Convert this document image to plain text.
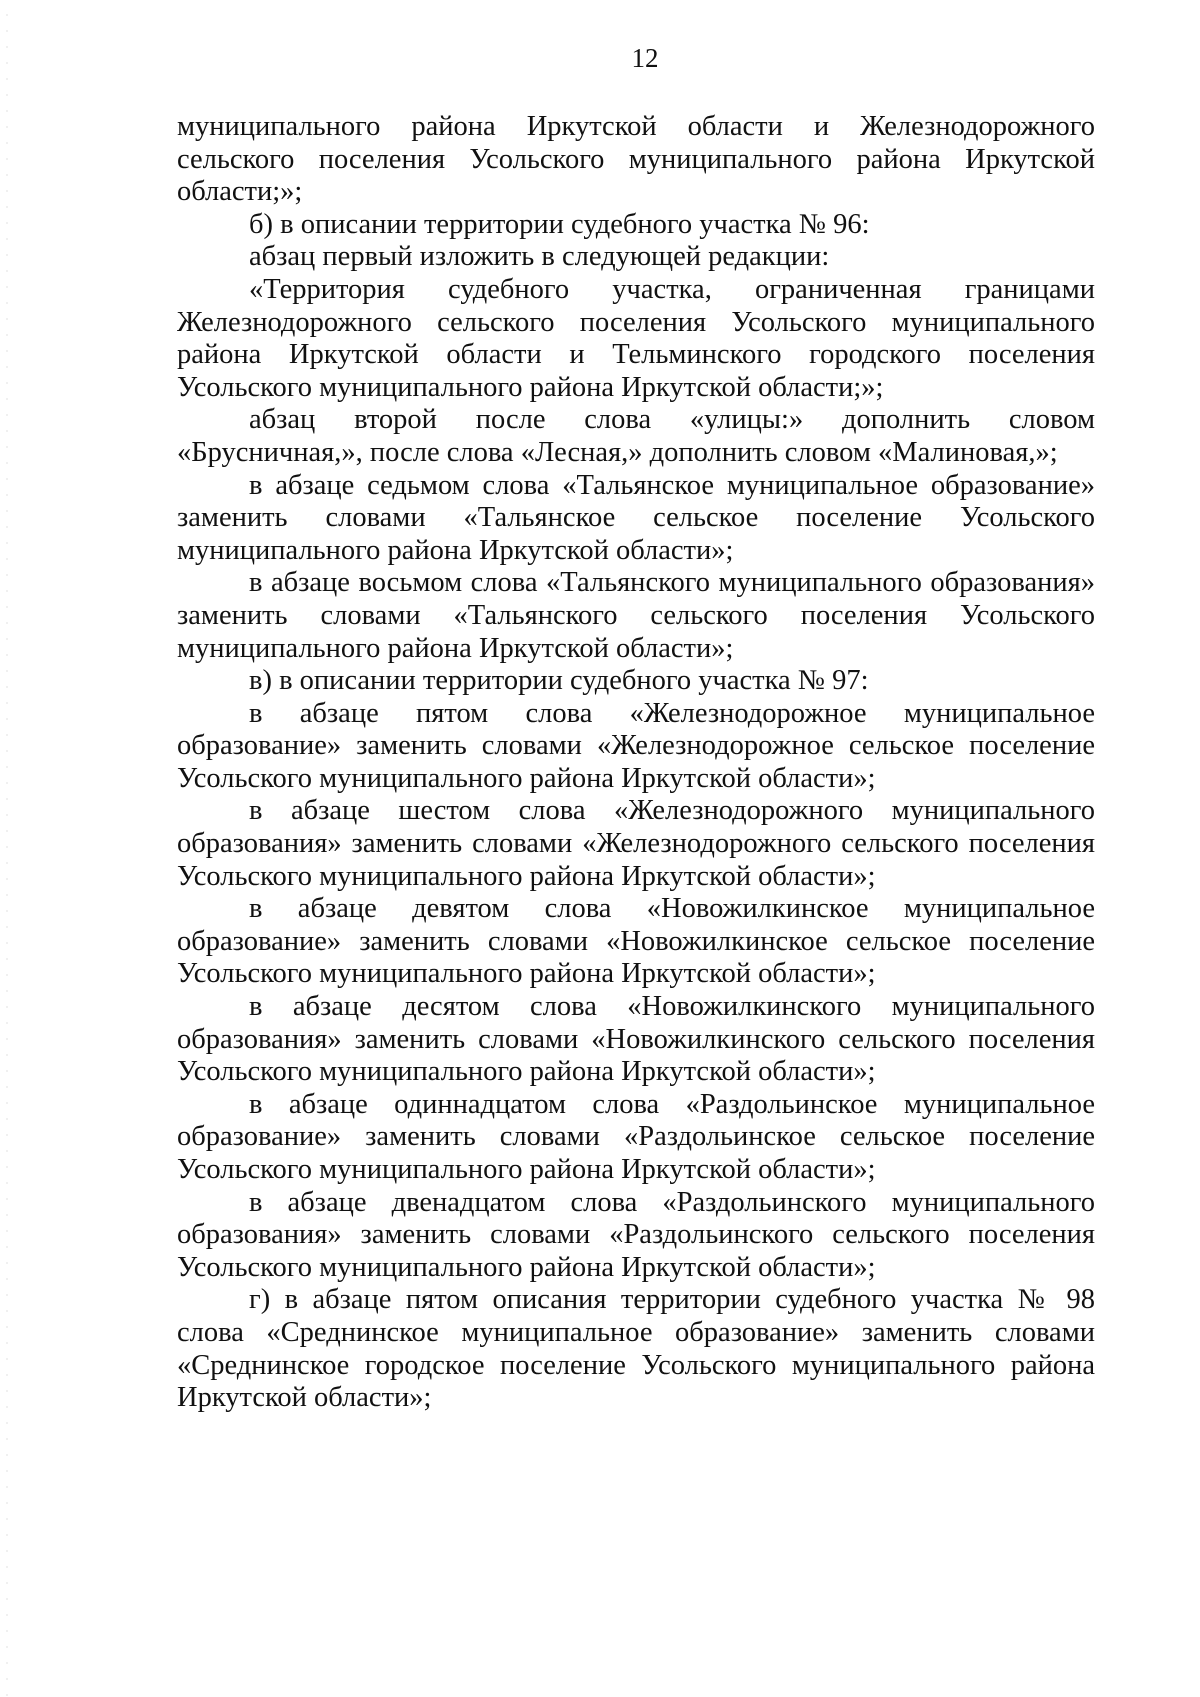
12

муниципального района Иркутской области и Железнодорожного сельского поселения Усольского муниципального района Иркутской области;»;

б) в описании территории судебного участка № 96:

абзац первый изложить в следующей редакции:

«Территория судебного участка, ограниченная границами Железнодорожного сельского поселения Усольского муниципального района Иркутской области и Тельминского городского поселения Усольского муниципального района Иркутской области;»;

абзац второй после слова «улицы:» дополнить словом «Брусничная,», после слова «Лесная,» дополнить словом «Малиновая,»;

в абзаце седьмом слова «Тальянское муниципальное образование» заменить словами «Тальянское сельское поселение Усольского муниципального района Иркутской области»;

в абзаце восьмом слова «Тальянского муниципального образования» заменить словами «Тальянского сельского поселения Усольского муниципального района Иркутской области»;

в) в описании территории судебного участка № 97:

в абзаце пятом слова «Железнодорожное муниципальное образование» заменить словами «Железнодорожное сельское поселение Усольского муниципального района Иркутской области»;

в абзаце шестом слова «Железнодорожного муниципального образования» заменить словами «Железнодорожного сельского поселения Усольского муниципального района Иркутской области»;

в абзаце девятом слова «Новожилкинское муниципальное образование» заменить словами «Новожилкинское сельское поселение Усольского муниципального района Иркутской области»;

в абзаце десятом слова «Новожилкинского муниципального образования» заменить словами «Новожилкинского сельского поселения Усольского муниципального района Иркутской области»;

в абзаце одиннадцатом слова «Раздольинское муниципальное образование» заменить словами «Раздольинское сельское поселение Усольского муниципального района Иркутской области»;

в абзаце двенадцатом слова «Раздольинского муниципального образования» заменить словами «Раздольинского сельского поселения Усольского муниципального района Иркутской области»;

г) в абзаце пятом описания территории судебного участка № 98 слова «Среднинское муниципальное образование» заменить словами «Среднинское городское поселение Усольского муниципального района Иркутской области»;
